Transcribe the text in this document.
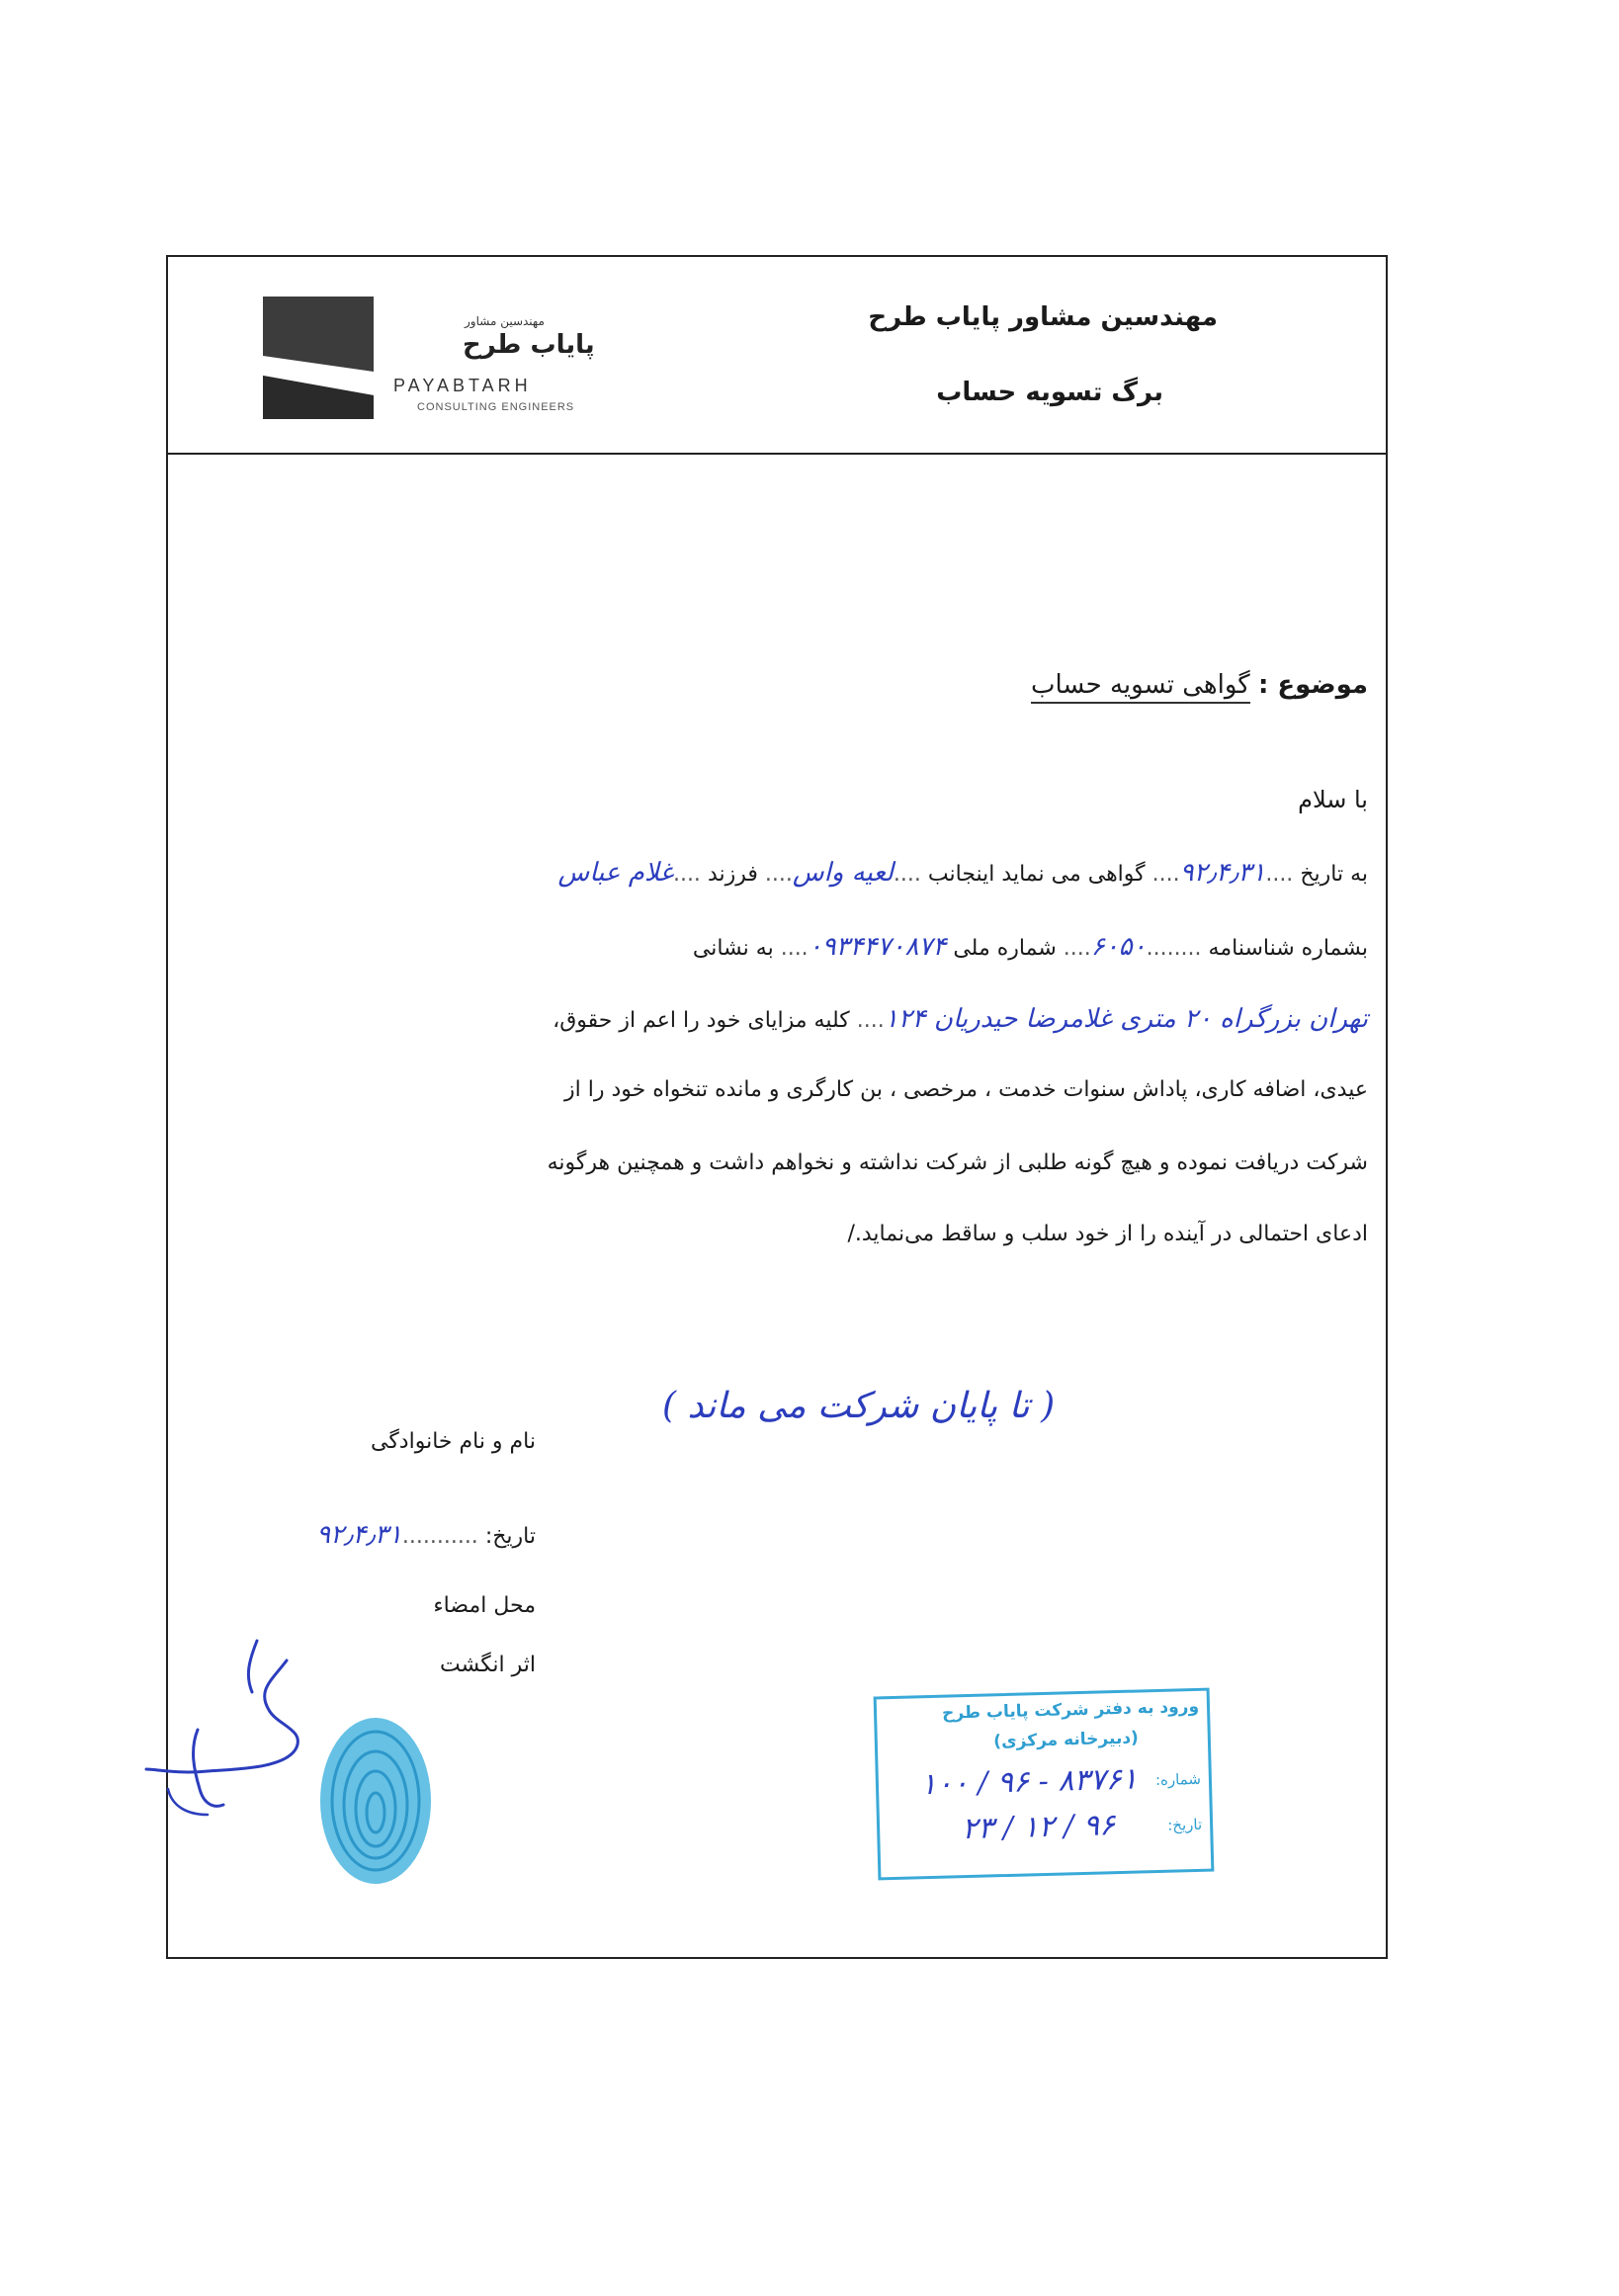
مهندسین مشاور پایاب طرح
برگ تسویه حساب
مهندسین مشاور
پایاب طرح
PAYABTARH
CONSULTING ENGINEERS
موضوع : گواهی تسویه حساب
با سلام
به تاریخ ....۹۲٫۴٫۳۱.... گواهی می نماید اینجانب ....لعیه واس.... فرزند ....غلام عباس
بشماره شناسنامه ........۶۰۵۰.... شماره ملی ۰۹۳۴۴۷۰۸۷۴.... به نشانی
تهران بزرگراه ۲۰ متری غلامرضا حیدریان ۱۲۴.... کلیه مزایای خود را اعم از حقوق،
عیدی، اضافه کاری، پاداش سنوات خدمت ، مرخصی ، بن کارگری و مانده تنخواه خود را از
شرکت دریافت نموده و هیچ گونه طلبی از شرکت نداشته و نخواهم داشت و همچنین هرگونه
ادعای احتمالی در آینده را از خود سلب و ساقط می‌نماید./
نام و نام خانوادگی
( تا پایان شرکت می ماند )
تاریخ: ...........۹۲٫۴٫۳۱
محل امضاء
اثر انگشت
ورود به دفتر شرکت پایاب طرح
(دبیرخانه مرکزی)
شماره:
۸۳۷۶۱ - ۹۶ / ۱۰۰
تاریخ:
۹۶ / ۱۲ / ۲۳
